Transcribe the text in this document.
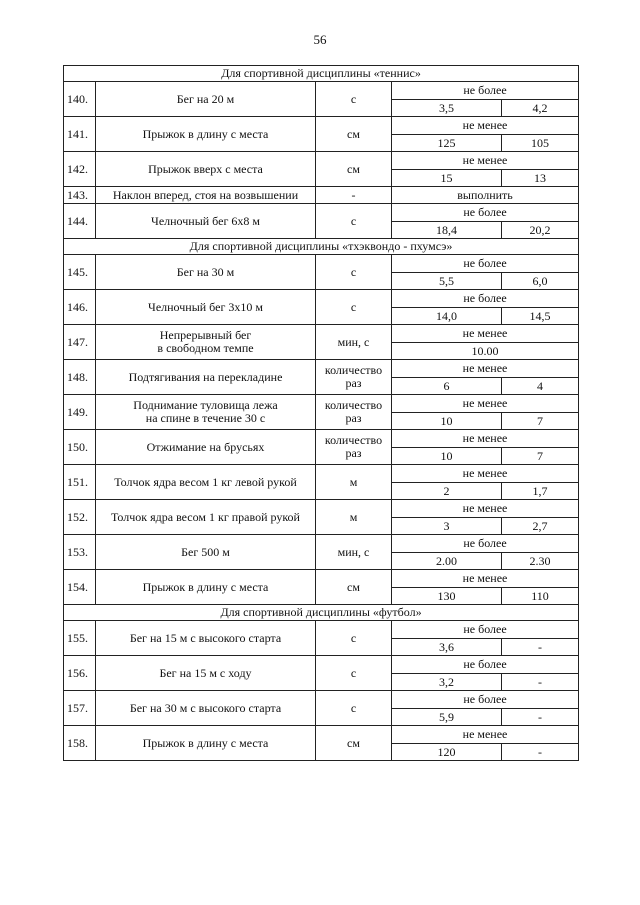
56
Для спортивной дисциплины «теннис»				
140.	Бег на 20 м	с	не более	
			3,5	4,2
141.	Прыжок в длину с места	см	не менее	
			125	105
142.	Прыжок вверх с места	см	не менее	
			15	13
143.	Наклон вперед, стоя на возвышении	-	выполнить	
144.	Челночный бег 6х8 м	с	не более	
			18,4	20,2
Для спортивной дисциплины «тхэквондо - пхумсэ»				
145.	Бег на 30 м	с	не более	
			5,5	6,0
146.	Челночный бег 3х10 м	с	не более	
			14,0	14,5
147.	Непрерывный бег
в свободном темпе	мин, с	не менее	
			10.00	
148.	Подтягивания на перекладине	количество
раз	не менее	
			6	4
149.	Поднимание туловища лежа
на спине в течение 30 с	количество
раз	не менее	
			10	7
150.	Отжимание на брусьях	количество
раз	не менее	
			10	7
151.	Толчок ядра весом 1 кг левой рукой	м	не менее	
			2	1,7
152.	Толчок ядра весом 1 кг правой рукой	м	не менее	
			3	2,7
153.	Бег 500 м	мин, с	не более	
			2.00	2.30
154.	Прыжок в длину с места	см	не менее	
			130	110
Для спортивной дисциплины «футбол»				
155.	Бег на 15 м с высокого старта	с	не более	
			3,6	-
156.	Бег на 15 м с ходу	с	не более	
			3,2	-
157.	Бег на 30 м с высокого старта	с	не более	
			5,9	-
158.	Прыжок в длину с места	см	не менее	
			120	-
